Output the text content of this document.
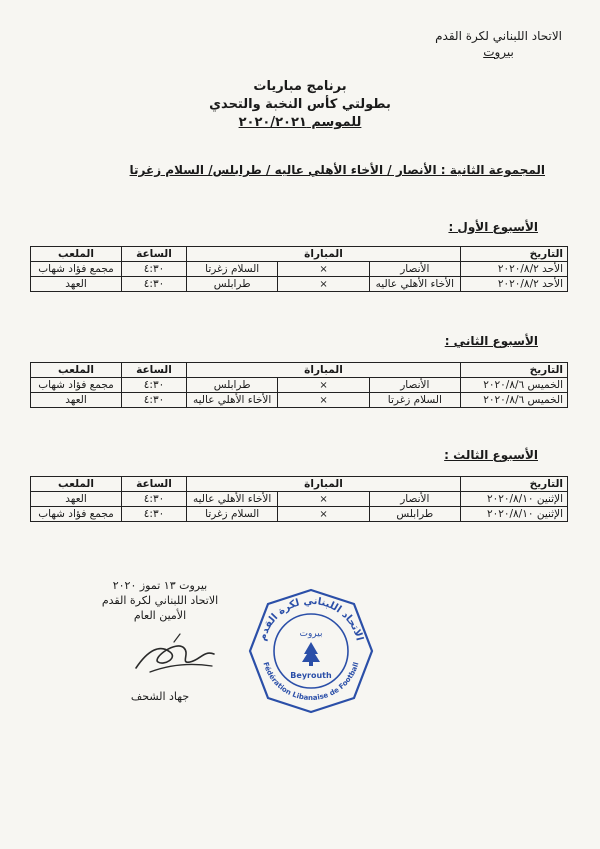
الاتحاد اللبناني لكرة القدم
بيروت
برنامج مباريات
بطولتي كأس النخبة والتحدي
للموسم ٢٠٢٠/٢٠٢١
المجموعة الثانية : الأنصار / الأخاء الأهلي عاليه / طرابلس/ السلام زغرتا
الأسبوع الأول :
التاريخ	المباراة			الساعة	الملعب
الأحد ٢٠٢٠/٨/٢	الأنصار	×	السلام زغرتا	٤:٣٠	مجمع فؤاد شهاب
الأحد ٢٠٢٠/٨/٢	الأخاء الأهلي عاليه	×	طرابلس	٤:٣٠	العهد
الأسبوع الثاني :
التاريخ	المباراة			الساعة	الملعب
الخميس ٢٠٢٠/٨/٦	الأنصار	×	طرابلس	٤:٣٠	مجمع فؤاد شهاب
الخميس ٢٠٢٠/٨/٦	السلام زغرتا	×	الأخاء الأهلي عاليه	٤:٣٠	العهد
الأسبوع الثالث :
التاريخ	المباراة			الساعة	الملعب
الإثنين ٢٠٢٠/٨/١٠	الأنصار	×	الأخاء الأهلي عاليه	٤:٣٠	العهد
الإثنين ٢٠٢٠/٨/١٠	طرابلس	×	السلام زغرتا	٤:٣٠	مجمع فؤاد شهاب
بيروت ١٣ تموز ٢٠٢٠
الاتحاد اللبناني لكرة القدم
الأمين العام
جهاد الشحف
الاتحاد اللبناني لكرة القدم
Fédération Libanaise de Football
بيروت
Beyrouth
